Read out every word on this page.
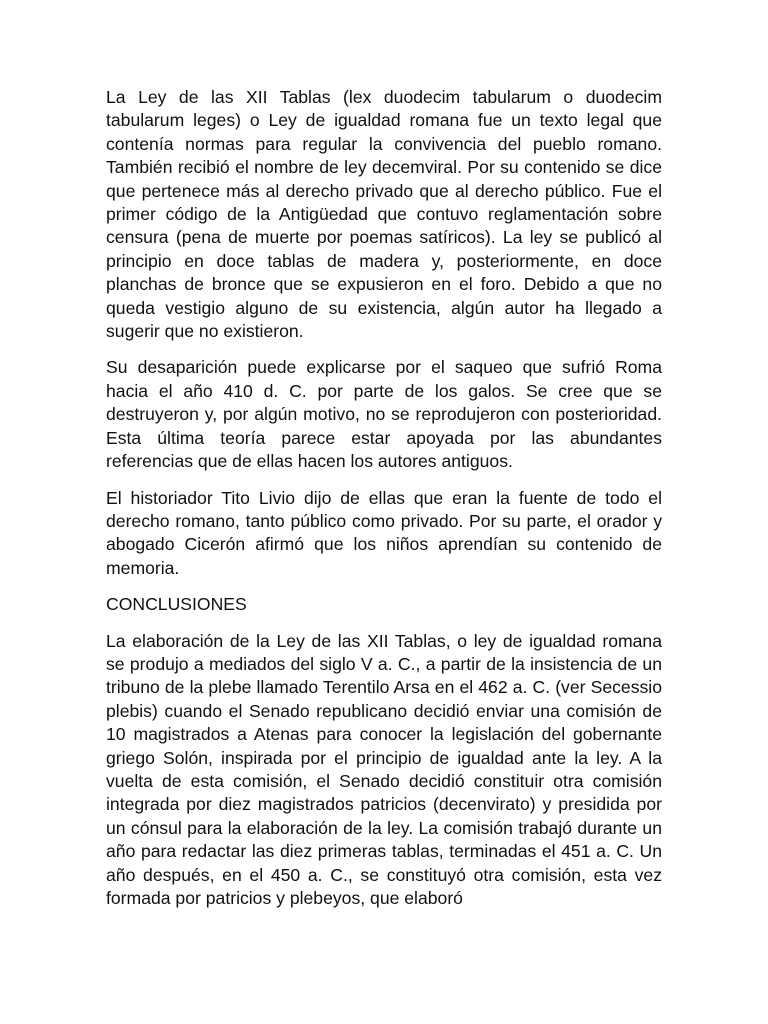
La Ley de las XII Tablas (lex duodecim tabularum o duodecim tabularum leges) o Ley de igualdad romana fue un texto legal que contenía normas para regular la convivencia del pueblo romano. También recibió el nombre de ley decemviral. Por su contenido se dice que pertenece más al derecho privado que al derecho público. Fue el primer código de la Antigüedad que contuvo reglamentación sobre censura (pena de muerte por poemas satíricos). La ley se publicó al principio en doce tablas de madera y, posteriormente, en doce planchas de bronce que se expusieron en el foro. Debido a que no queda vestigio alguno de su existencia, algún autor ha llegado a sugerir que no existieron.

Su desaparición puede explicarse por el saqueo que sufrió Roma hacia el año 410 d. C. por parte de los galos. Se cree que se destruyeron y, por algún motivo, no se reprodujeron con posterioridad. Esta última teoría parece estar apoyada por las abundantes referencias que de ellas hacen los autores antiguos.

El historiador Tito Livio dijo de ellas que eran la fuente de todo el derecho romano, tanto público como privado. Por su parte, el orador y abogado Cicerón afirmó que los niños aprendían su contenido de memoria.

CONCLUSIONES

La elaboración de la Ley de las XII Tablas, o ley de igualdad romana se produjo a mediados del siglo V a. C., a partir de la insistencia de un tribuno de la plebe llamado Terentilo Arsa en el 462 a. C. (ver Secessio plebis) cuando el Senado republicano decidió enviar una comisión de 10 magistrados a Atenas para conocer la legislación del gobernante griego Solón, inspirada por el principio de igualdad ante la ley. A la vuelta de esta comisión, el Senado decidió constituir otra comisión integrada por diez magistrados patricios (decenvirato) y presidida por un cónsul para la elaboración de la ley. La comisión trabajó durante un año para redactar las diez primeras tablas, terminadas el 451 a. C. Un año después, en el 450 a. C., se constituyó otra comisión, esta vez formada por patricios y plebeyos, que elaboró
